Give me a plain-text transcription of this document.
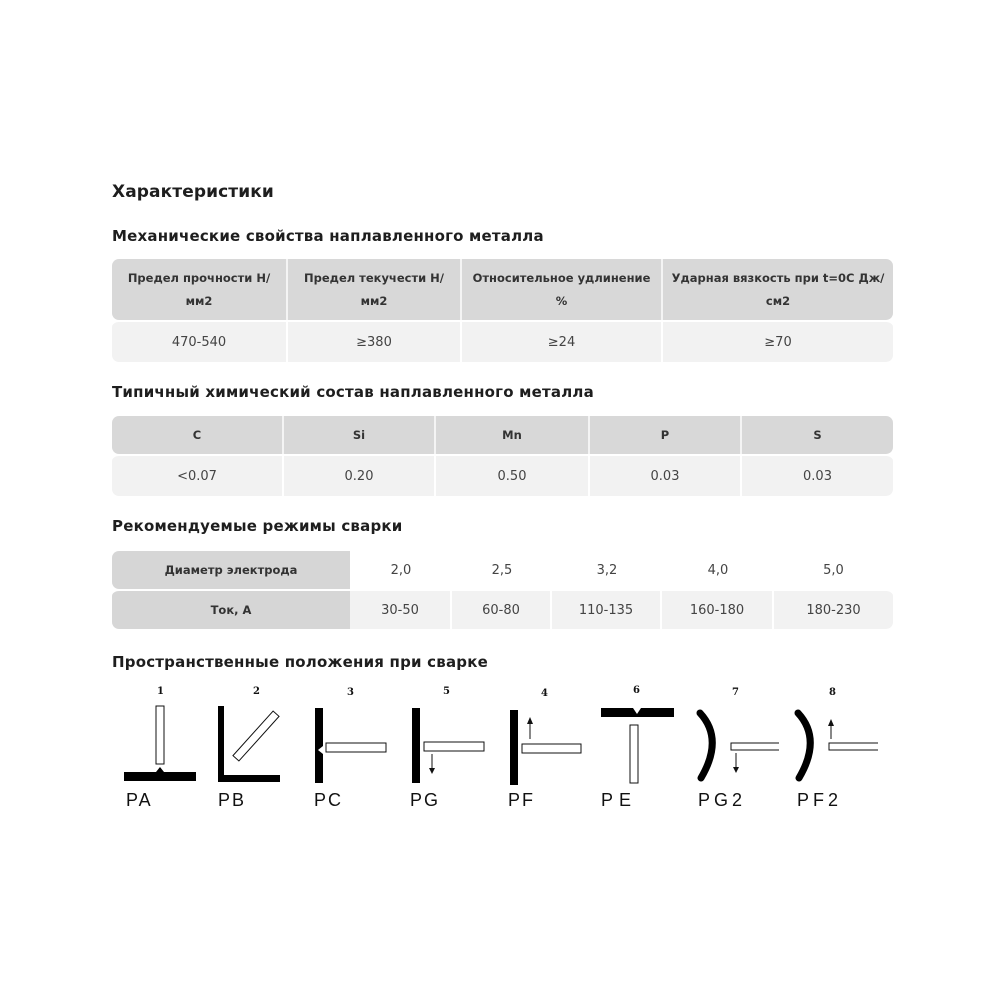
Характеристики
Механические свойства наплавленного металла
Предел прочности Н/ мм2	Предел текучести Н/ мм2	Относительное удлинение %	Ударная вязкость при t=0C Дж/см2
470-540	≥380	≥24	≥70
Типичный химический состав наплавленного металла
C	Si	Mn	P	S
<0.07	0.20	0.50	0.03	0.03
Рекомендуемые режимы сварки
Диаметр электрода	2,0	2,5	3,2	4,0	5,0
Ток, А	30-50	60-80	110-135	160-180	180-230
Пространственные положения при сварке
1	2	3	5	4	6	7	8
PA	PB	PC	PG	PF	PE	PG2	PF2
